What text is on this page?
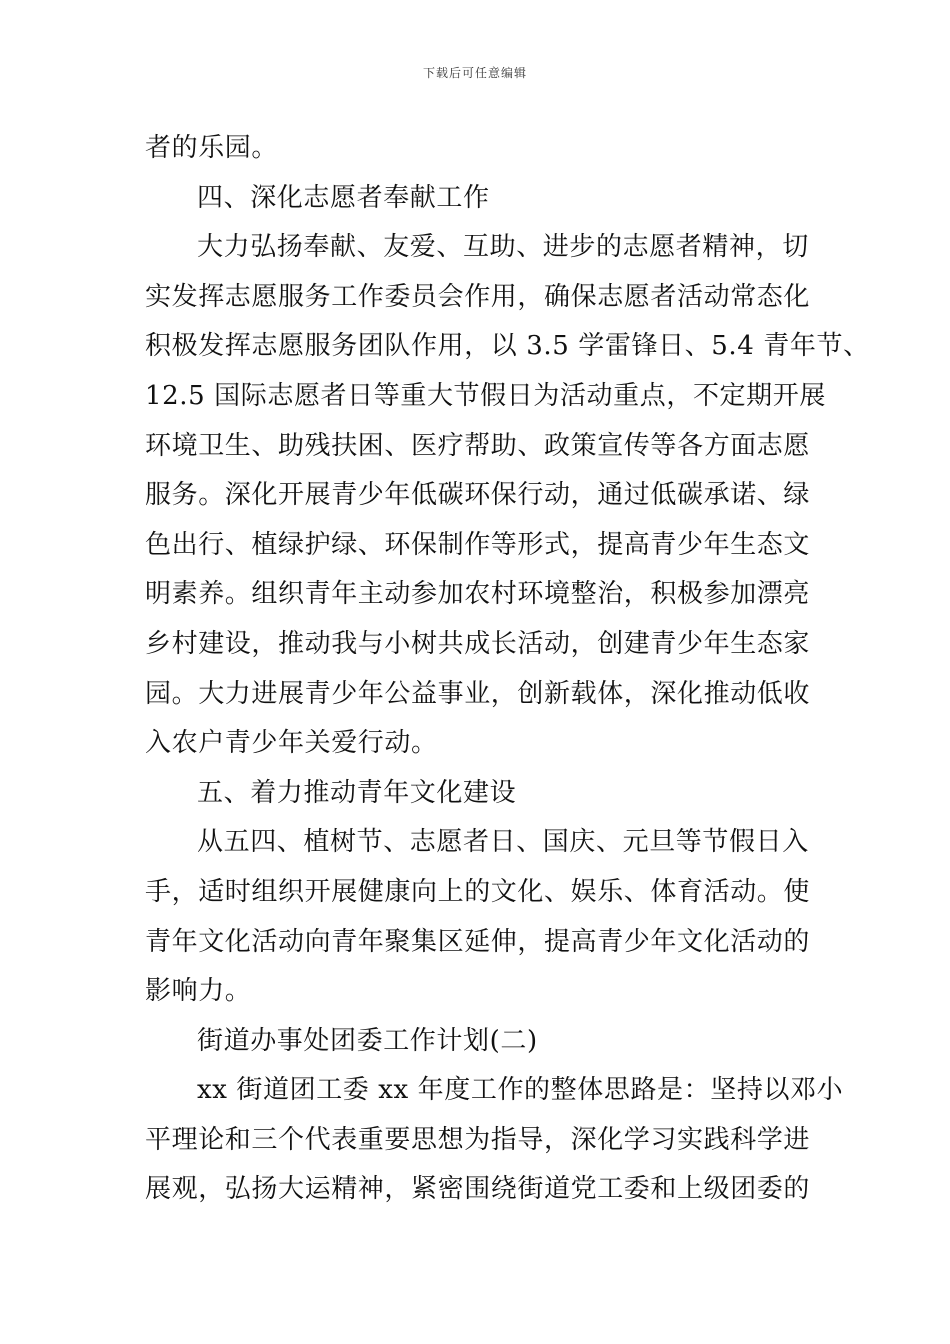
下载后可任意编辑
者的乐园。
四、深化志愿者奉献工作
大力弘扬奉献、友爱、互助、进步的志愿者精神，切
实发挥志愿服务工作委员会作用，确保志愿者活动常态化
积极发挥志愿服务团队作用，以 3.5 学雷锋日、5.4 青年节、
12.5 国际志愿者日等重大节假日为活动重点，不定期开展
环境卫生、助残扶困、医疗帮助、政策宣传等各方面志愿
服务。深化开展青少年低碳环保行动，通过低碳承诺、绿
色出行、植绿护绿、环保制作等形式，提高青少年生态文
明素养。组织青年主动参加农村环境整治，积极参加漂亮
乡村建设，推动我与小树共成长活动，创建青少年生态家
园。大力进展青少年公益事业，创新载体，深化推动低收
入农户青少年关爱行动。
五、着力推动青年文化建设
从五四、植树节、志愿者日、国庆、元旦等节假日入
手，适时组织开展健康向上的文化、娱乐、体育活动。使
青年文化活动向青年聚集区延伸，提高青少年文化活动的
影响力。
街道办事处团委工作计划(二)
xx 街道团工委 xx 年度工作的整体思路是：坚持以邓小
平理论和三个代表重要思想为指导，深化学习实践科学进
展观，弘扬大运精神，紧密围绕街道党工委和上级团委的
